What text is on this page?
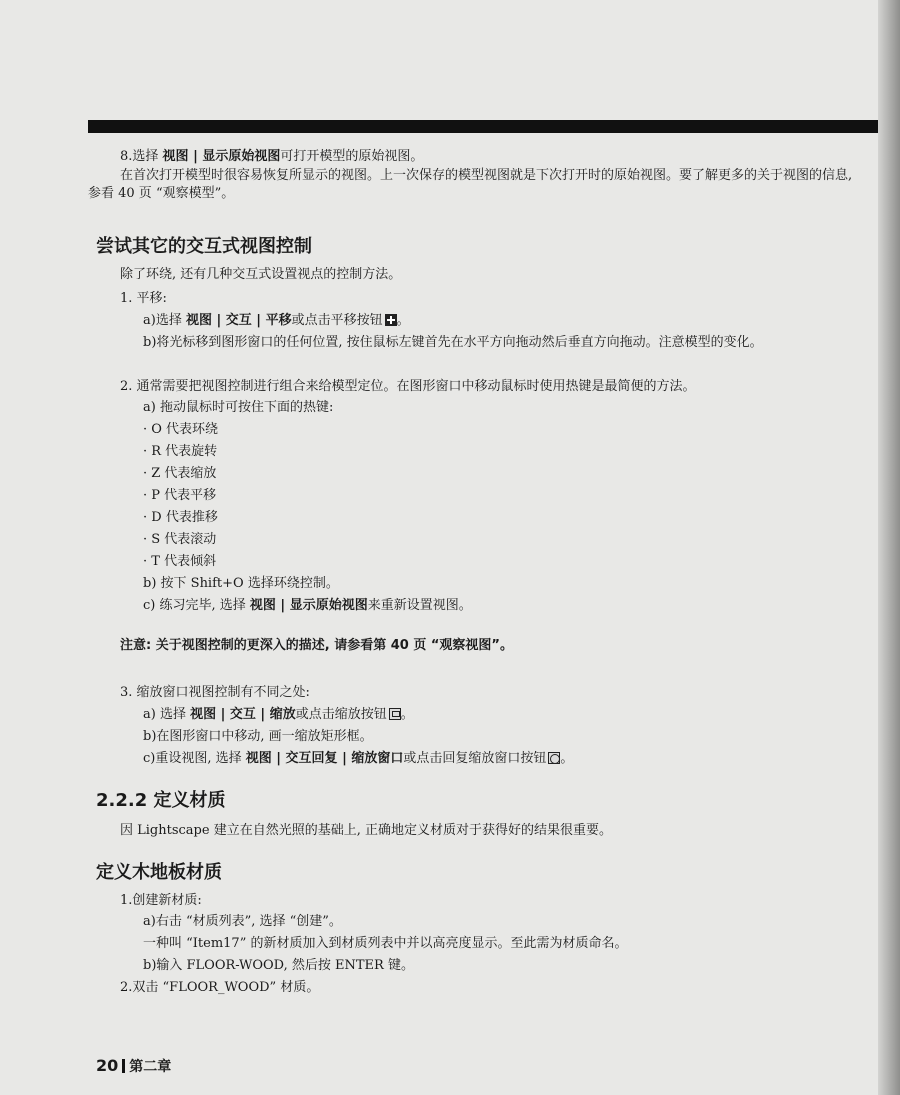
8.选择 视图 | 显示原始视图可打开模型的原始视图。
在首次打开模型时很容易恢复所显示的视图。上一次保存的模型视图就是下次打开时的原始视图。要了解更多的关于视图的信息, 参看 40 页 “观察模型”。
尝试其它的交互式视图控制
除了环绕, 还有几种交互式设置视点的控制方法。
1. 平移:
a)选择 视图 | 交互 | 平移或点击平移按钮 。
b)将光标移到图形窗口的任何位置, 按住鼠标左键首先在水平方向拖动然后垂直方向拖动。注意模型的变化。
2. 通常需要把视图控制进行组合来给模型定位。在图形窗口中移动鼠标时使用热键是最简便的方法。
a) 拖动鼠标时可按住下面的热键:
· O 代表环绕
· R 代表旋转
· Z 代表缩放
· P 代表平移
· D 代表推移
· S 代表滚动
· T 代表倾斜
b) 按下 Shift+O 选择环绕控制。
c) 练习完毕, 选择 视图 | 显示原始视图来重新设置视图。
注意: 关于视图控制的更深入的描述, 请参看第 40 页 “观察视图”。
3. 缩放窗口视图控制有不同之处:
a) 选择 视图 | 交互 | 缩放或点击缩放按钮 。
b)在图形窗口中移动, 画一缩放矩形框。
c)重设视图, 选择 视图 | 交互回复 | 缩放窗口或点击回复缩放窗口按钮 。
2.2.2 定义材质
因 Lightscape 建立在自然光照的基础上, 正确地定义材质对于获得好的结果很重要。
定义木地板材质
1.创建新材质:
a)右击 “材质列表”, 选择 “创建”。
一种叫 “Item17” 的新材质加入到材质列表中并以高亮度显示。至此需为材质命名。
b)输入 FLOOR-WOOD, 然后按 ENTER 键。
2.双击 “FLOOR_WOOD” 材质。
20 第二章
